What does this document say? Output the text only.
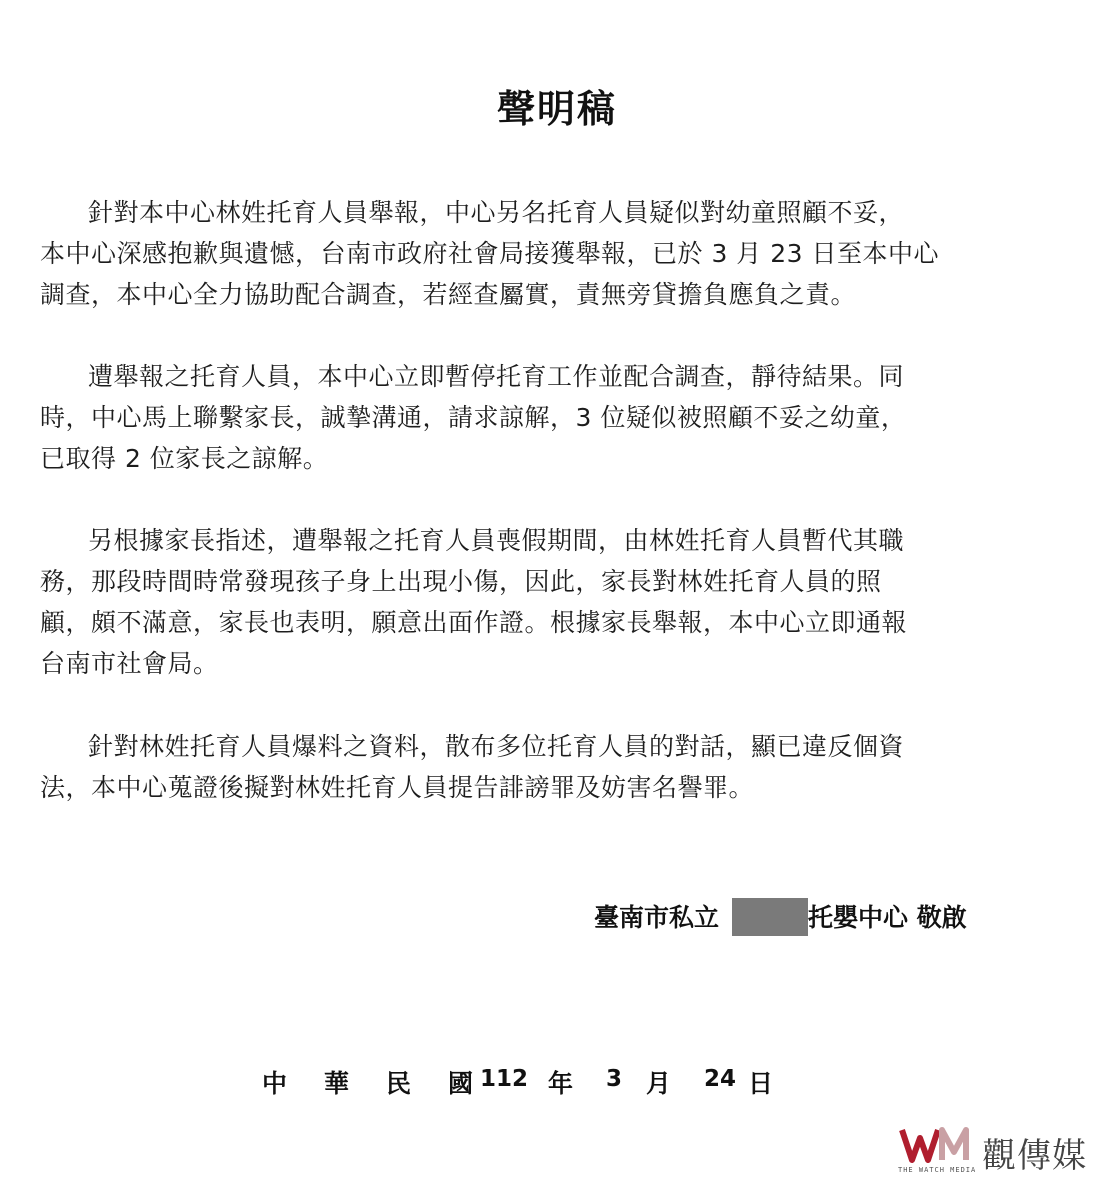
聲明稿
針對本中心林姓托育人員舉報，中心另名托育人員疑似對幼童照顧不妥，
本中心深感抱歉與遺憾，台南市政府社會局接獲舉報，已於 3 月 23 日至本中心
調查，本中心全力協助配合調查，若經查屬實，責無旁貸擔負應負之責。
遭舉報之托育人員，本中心立即暫停托育工作並配合調查，靜待結果。同
時，中心馬上聯繫家長，誠摯溝通，請求諒解，3 位疑似被照顧不妥之幼童，
已取得 2 位家長之諒解。
另根據家長指述，遭舉報之托育人員喪假期間，由林姓托育人員暫代其職
務，那段時間時常發現孩子身上出現小傷，因此，家長對林姓托育人員的照
顧，頗不滿意，家長也表明，願意出面作證。根據家長舉報，本中心立即通報
台南市社會局。
針對林姓托育人員爆料之資料，散布多位托育人員的對話，顯已違反個資
法，本中心蒐證後擬對林姓托育人員提告誹謗罪及妨害名譽罪。
臺南市私立	托嬰中心 敬啟
中 華 民 國 112 年 3 月 24 日
THE WATCH MEDIA 觀傳媒
